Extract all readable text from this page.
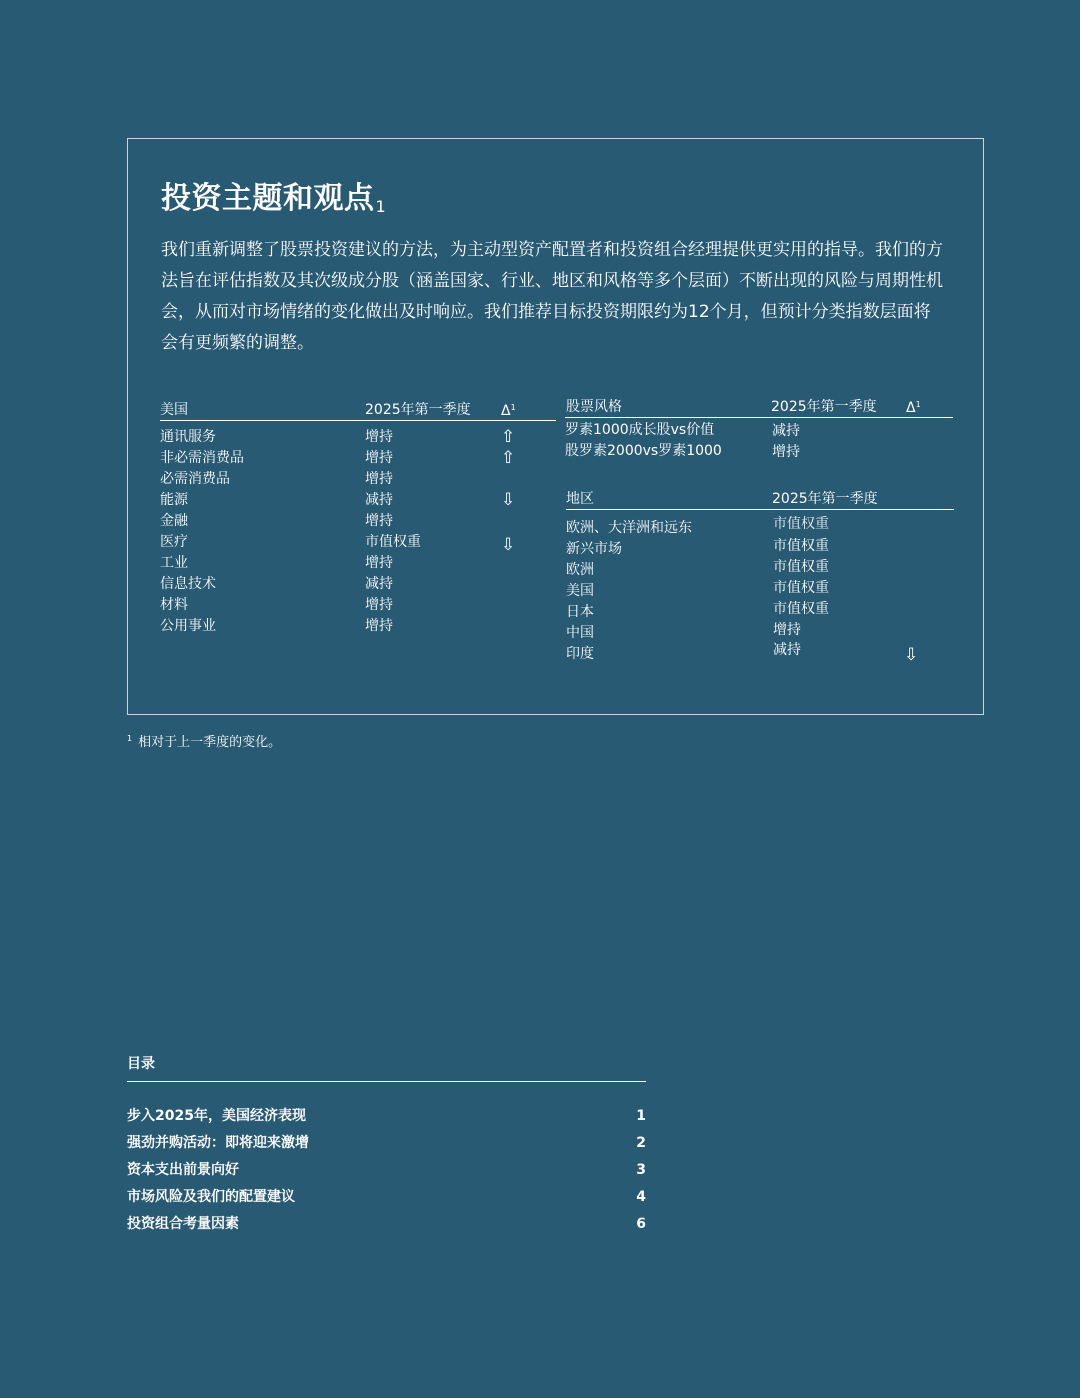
投资主题和观点$^1$

我们重新调整了股票投资建议的方法，为主动型资产配置者和投资组合经理提供更实用的指导。我们的方法旨在评估指数及其次级成分股（涵盖国家、行业、地区和风格等多个层面）不断出现的风险与周期性机会，从而对市场情绪的变化做出及时响应。我们推荐目标投资期限约为12个月，但预计分类指数层面将会有更频繁的调整。

美国	2025年第一季度 $\Delta^1$
通讯服务	增持	⇧
非必需消费品	增持	⇧
必需消费品	增持
能源	减持	⇩
金融	增持
医疗	市值权重	⇩
工业	增持
信息技术	减持
材料	增持
公用事业	增持
股票风格	2025年第一季度 $\Delta^1$
罗素1000成长股vs价值	减持
股罗素2000vs罗素1000	增持
地区	2025年第一季度
欧洲、大洋洲和远东	市值权重
新兴市场	市值权重
欧洲	市值权重
美国	市值权重
日本	市值权重
中国	增持
印度	减持	⇩
$^1$ 相对于上一季度的变化。
目录
步入2025年，美国经济表现	1
强劲并购活动：即将迎来激增	2
资本支出前景向好	3
市场风险及我们的配置建议	4
投资组合考量因素	6
